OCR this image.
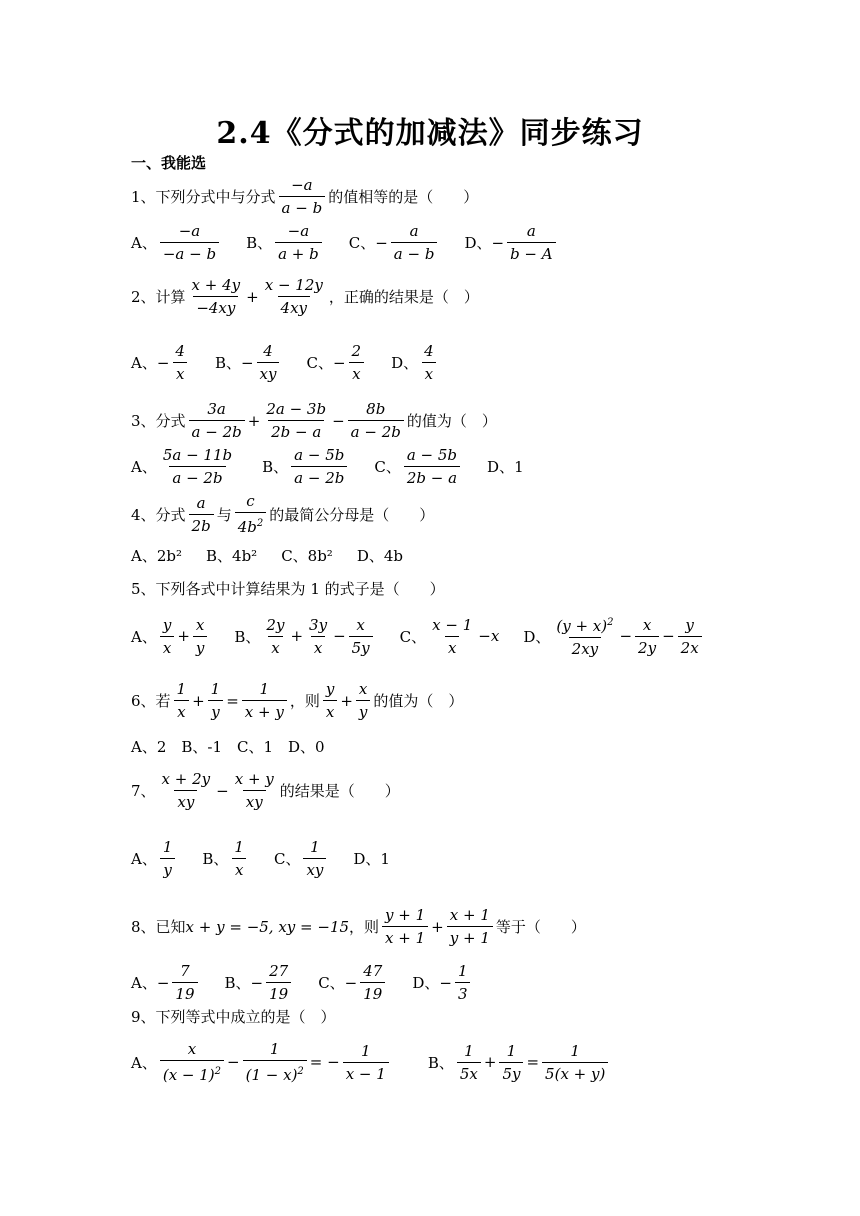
2.4《分式的加减法》同步练习
一、我能选
1、下列分式中与分式 $\frac{-a}{a - b}$ 的值相等的是（　　）
A、 $\frac{-a}{-a - b}$ B、 $\frac{-a}{a + b}$ C、− $\frac{a}{a - b}$ D、− $\frac{a}{b - A}$
2、计算 $\frac{x + 4y}{-4xy} + \frac{x - 12y}{4xy}$ ，正确的结果是（　）
A、− $\frac{4}{x}$ B、− $\frac{4}{xy}$ C、− $\frac{2}{x}$ D、 $\frac{4}{x}$
3、分式 $\frac{3a}{a - 2b} + \frac{2a - 3b}{2b - a} - \frac{8b}{a - 2b}$ 的值为（　）
A、 $\frac{5a - 11b}{a - 2b}$ B、 $\frac{a - 5b}{a - 2b}$ C、 $\frac{a - 5b}{2b - a}$ D、1
4、分式 $\frac{a}{2b}$ 与 $\frac{c}{4b^2}$ 的最简公分母是（　　）
A、2b² B、4b² C、8b² D、4b
5、下列各式中计算结果为 1 的式子是（　　）
A、 $\frac{y}{x} + \frac{x}{y}$ B、 $\frac{2y}{x} + \frac{3y}{x} - \frac{x}{5y}$ C、 $\frac{x - 1}{x} - x$ D、 $\frac{(y + x)^2}{2xy} - \frac{x}{2y} - \frac{y}{2x}$
6、若 $\frac{1}{x} + \frac{1}{y} = \frac{1}{x + y}$ ，则 $\frac{y}{x} + \frac{x}{y}$ 的值为（　）
A、2　B、-1　C、1　D、0
7、 $\frac{x + 2y}{xy} - \frac{x + y}{xy}$ 的结果是（　　）
A、 $\frac{1}{y}$ B、 $\frac{1}{x}$ C、 $\frac{1}{xy}$ D、1
8、已知 x + y = −5, xy = −15 ，则 $\frac{y + 1}{x + 1} + \frac{x + 1}{y + 1}$ 等于（　　）
A、− $\frac{7}{19}$ B、− $\frac{27}{19}$ C、− $\frac{47}{19}$ D、− $\frac{1}{3}$
9、下列等式中成立的是（　）
A、 $\frac{x}{(x - 1)^2} - \frac{1}{(1 - x)^2}$ = − $\frac{1}{x - 1}$	B、 $\frac{1}{5x} + \frac{1}{5y} = \frac{1}{5(x + y)}$
